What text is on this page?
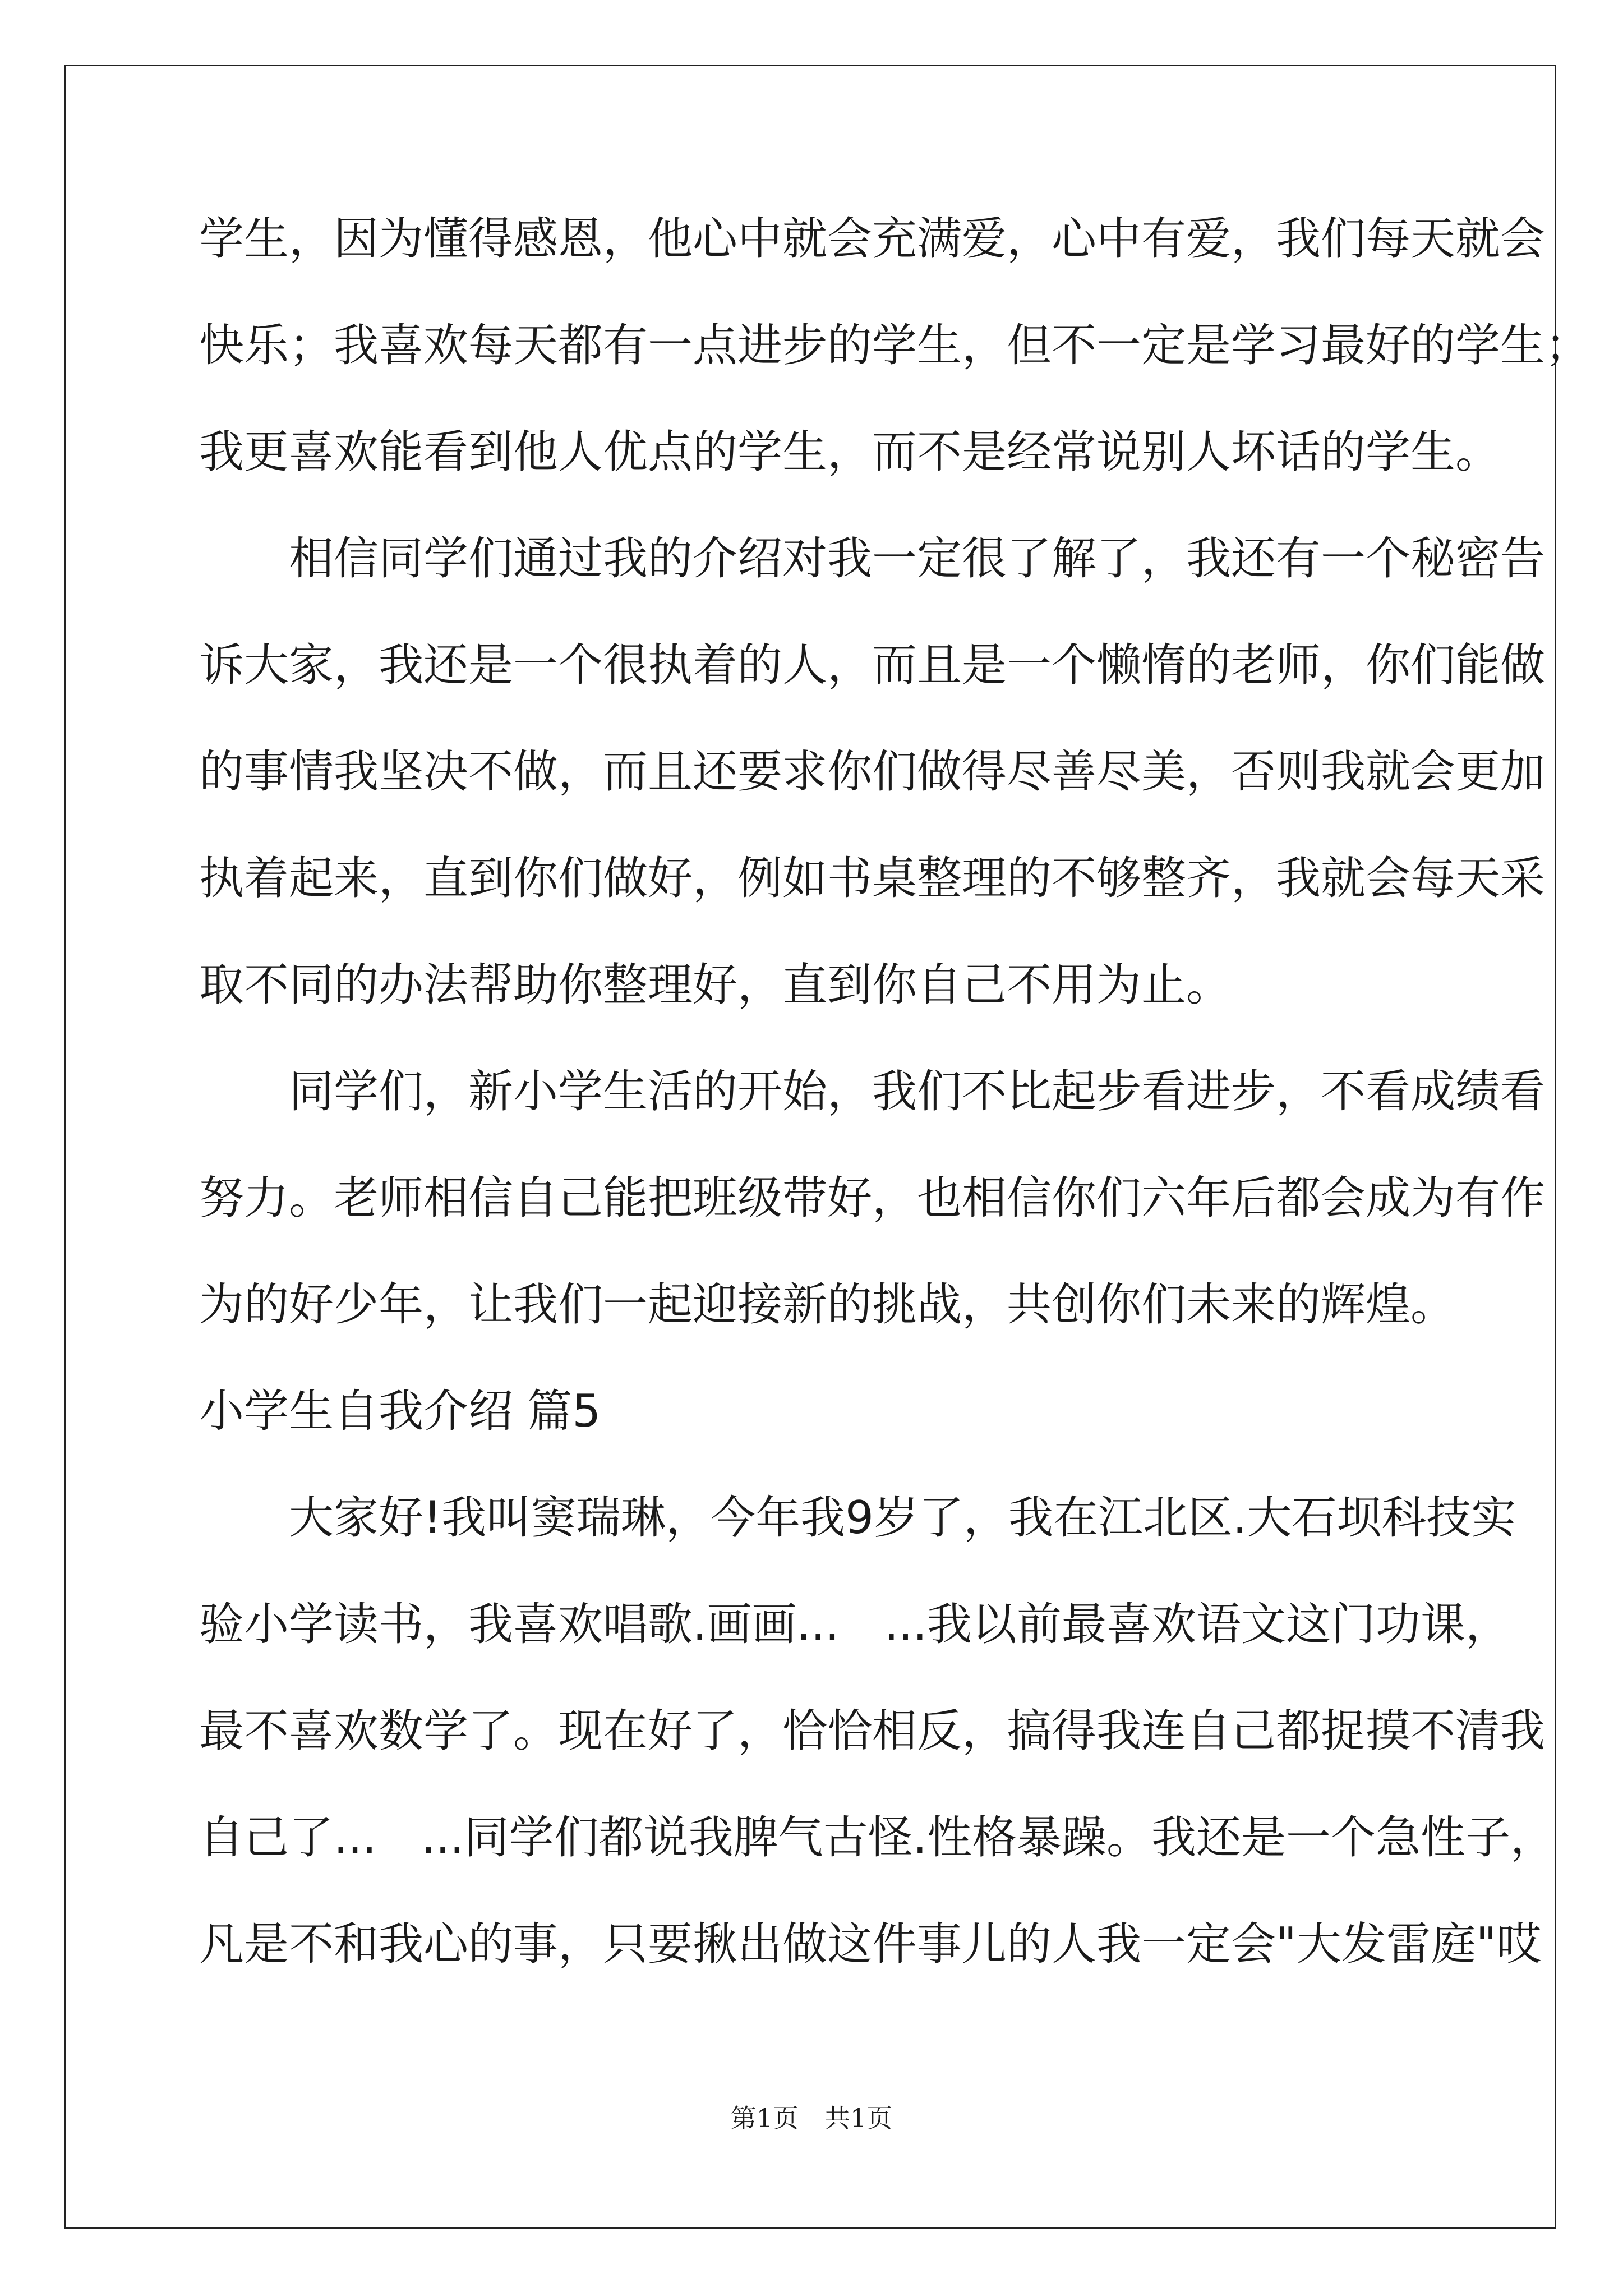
学生，因为懂得感恩，他心中就会充满爱，心中有爱，我们每天就会
快乐；我喜欢每天都有一点进步的学生，但不一定是学习最好的学生；
我更喜欢能看到他人优点的学生，而不是经常说别人坏话的学生。
　　相信同学们通过我的介绍对我一定很了解了，我还有一个秘密告
诉大家，我还是一个很执着的人，而且是一个懒惰的老师，你们能做
的事情我坚决不做，而且还要求你们做得尽善尽美，否则我就会更加
执着起来，直到你们做好，例如书桌整理的不够整齐，我就会每天采
取不同的办法帮助你整理好，直到你自己不用为止。
　　同学们，新小学生活的开始，我们不比起步看进步，不看成绩看
努力。老师相信自己能把班级带好，也相信你们六年后都会成为有作
为的好少年，让我们一起迎接新的挑战，共创你们未来的辉煌。
小学生自我介绍 篇5
　　大家好!我叫窦瑞琳，今年我9岁了，我在江北区.大石坝科技实
验小学读书，我喜欢唱歌.画画...　...我以前最喜欢语文这门功课，
最不喜欢数学了。现在好了，恰恰相反，搞得我连自己都捉摸不清我
自己了...　...同学们都说我脾气古怪.性格暴躁。我还是一个急性子，
凡是不和我心的事，只要揪出做这件事儿的人我一定会"大发雷庭"哎
第1页　共1页
